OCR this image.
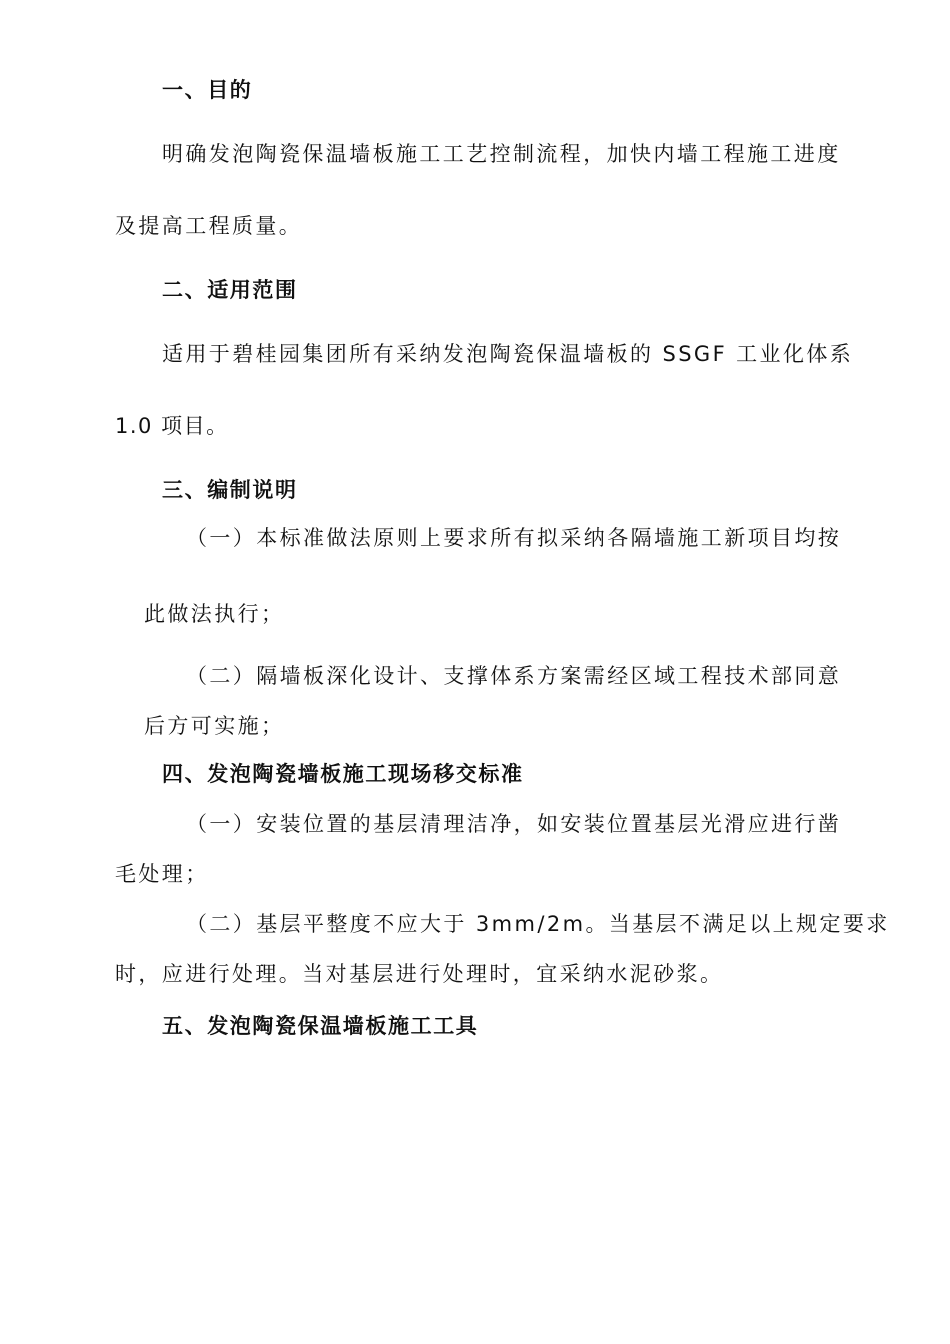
一、目的
明确发泡陶瓷保温墙板施工工艺控制流程，加快内墙工程施工进度
及提高工程质量。
二、适用范围
适用于碧桂园集团所有采纳发泡陶瓷保温墙板的 SSGF 工业化体系
1.0 项目。
三、编制说明
（一）本标准做法原则上要求所有拟采纳各隔墙施工新项目均按
此做法执行；
（二）隔墙板深化设计、支撑体系方案需经区域工程技术部同意
后方可实施；
四、发泡陶瓷墙板施工现场移交标准
（一）安装位置的基层清理洁净，如安装位置基层光滑应进行凿
毛处理；
（二）基层平整度不应大于 3mm/2m。当基层不满足以上规定要求
时，应进行处理。当对基层进行处理时，宜采纳水泥砂浆。
五、发泡陶瓷保温墙板施工工具
